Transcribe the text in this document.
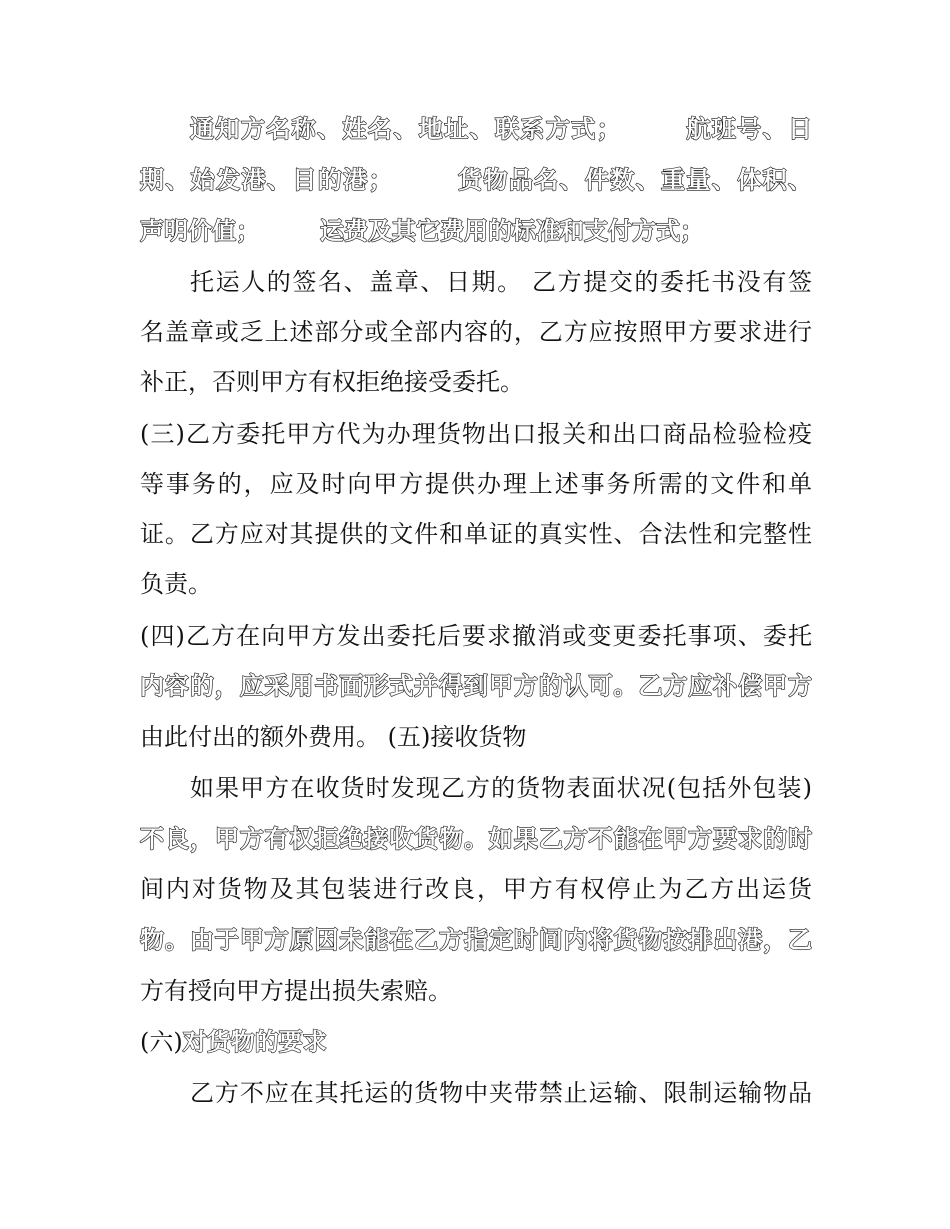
通知方名称、姓名、地址、联系方式；　　　航班号、日
期、始发港、目的港；　　　货物品名、件数、重量、体积、
声明价值；　　　运费及其它费用的标准和支付方式；
托运人的签名、盖章、日期。 乙方提交的委托书没有签
名盖章或乏上述部分或全部内容的，乙方应按照甲方要求进行
补正，否则甲方有权拒绝接受委托。
(三)乙方委托甲方代为办理货物出口报关和出口商品检验检疫
等事务的，应及时向甲方提供办理上述事务所需的文件和单
证。乙方应对其提供的文件和单证的真实性、合法性和完整性
负责。
(四)乙方在向甲方发出委托后要求撤消或变更委托事项、委托
内容的，应采用书面形式并得到甲方的认可。乙方应补偿甲方
由此付出的额外费用。 (五)接收货物
如果甲方在收货时发现乙方的货物表面状况(包括外包装)
不良，甲方有权拒绝接收货物。如果乙方不能在甲方要求的时
间内对货物及其包装进行改良，甲方有权停止为乙方出运货
物。由于甲方原因未能在乙方指定时间内将货物按排出港，乙
方有授向甲方提出损失索赔。
(六)对货物的要求
乙方不应在其托运的货物中夹带禁止运输、限制运输物品
